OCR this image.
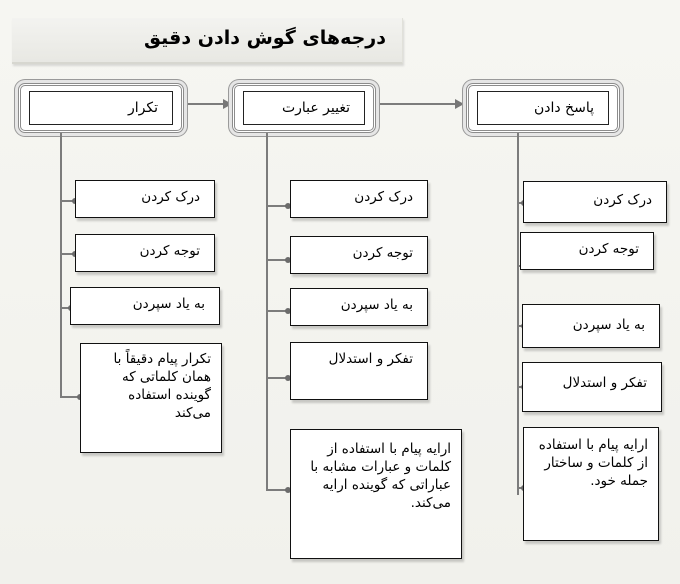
درجه‌های گوش دادن دقیق
تکرار	تغییر عبارت	پاسخ دادن
درک کردن
توجه کردن
به یاد سپردن
تکرار پیام دقیقاً با همان کلماتی که گوینده استفاده می‌کند
درک کردن
توجه کردن
به یاد سپردن
تفکر و استدلال
ارایه پیام با استفاده از کلمات و عبارات مشابه با عباراتی که گوینده ارایه می‌کند.
درک کردن
توجه کردن
به یاد سپردن
تفکر و استدلال
ارایه پیام با استفاده از کلمات و ساختار جمله خود.
